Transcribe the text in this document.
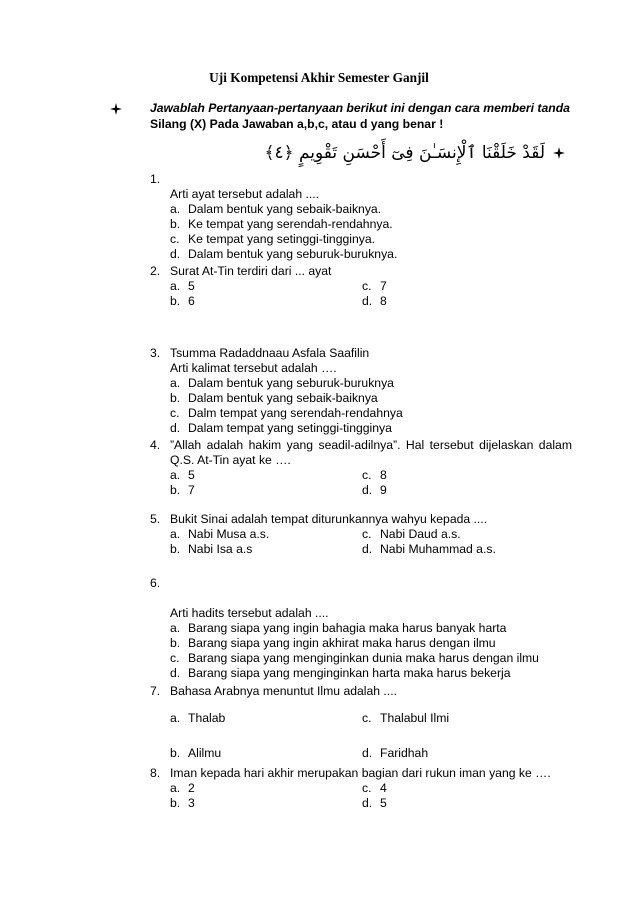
Uji Kompetensi Akhir Semester Ganjil
Jawablah Pertanyaan-pertanyaan berikut ini dengan cara memberi tanda
Silang (X) Pada Jawaban a,b,c, atau d yang benar !
لَقَدْ خَلَقْنَا ٱلْإِنسَـٰنَ فِىٓ أَحْسَنِ تَقْوِيمٍ ﴿٤﴾
1.
Arti ayat tersebut adalah ....
a. Dalam bentuk yang sebaik-baiknya.
b. Ke tempat yang serendah-rendahnya.
c. Ke tempat yang setinggi-tingginya.
d. Dalam bentuk yang seburuk-buruknya.
2. Surat At-Tin terdiri dari ... ayat
a. 5	c. 7
b. 6	d. 8
3. Tsumma Radaddnaau Asfala Saafilin
Arti kalimat tersebut adalah ….
a. Dalam bentuk yang seburuk-buruknya
b. Dalam bentuk yang sebaik-baiknya
c. Dalm tempat yang serendah-rendahnya
d. Dalam tempat yang setinggi-tingginya
4. ”Allah adalah hakim yang seadil-adilnya”. Hal tersebut dijelaskan dalam Q.S. At-Tin ayat ke ….
a. 5	c. 8
b. 7	d. 9
5. Bukit Sinai adalah tempat diturunkannya wahyu kepada ....
a. Nabi Musa a.s.	c. Nabi Daud a.s.
b. Nabi Isa a.s	d. Nabi Muhammad a.s.
6.
Arti hadits tersebut adalah ....
a. Barang siapa yang ingin bahagia maka harus banyak harta
b. Barang siapa yang ingin akhirat maka harus dengan ilmu
c. Barang siapa yang menginginkan dunia maka harus dengan ilmu
d. Barang siapa yang menginginkan harta maka harus bekerja
7. Bahasa Arabnya menuntut Ilmu adalah ....
a. Thalab	c. Thalabul Ilmi
b. Alilmu	d. Faridhah
8. Iman kepada hari akhir merupakan bagian dari rukun iman yang ke ….
a. 2	c. 4
b. 3	d. 5
